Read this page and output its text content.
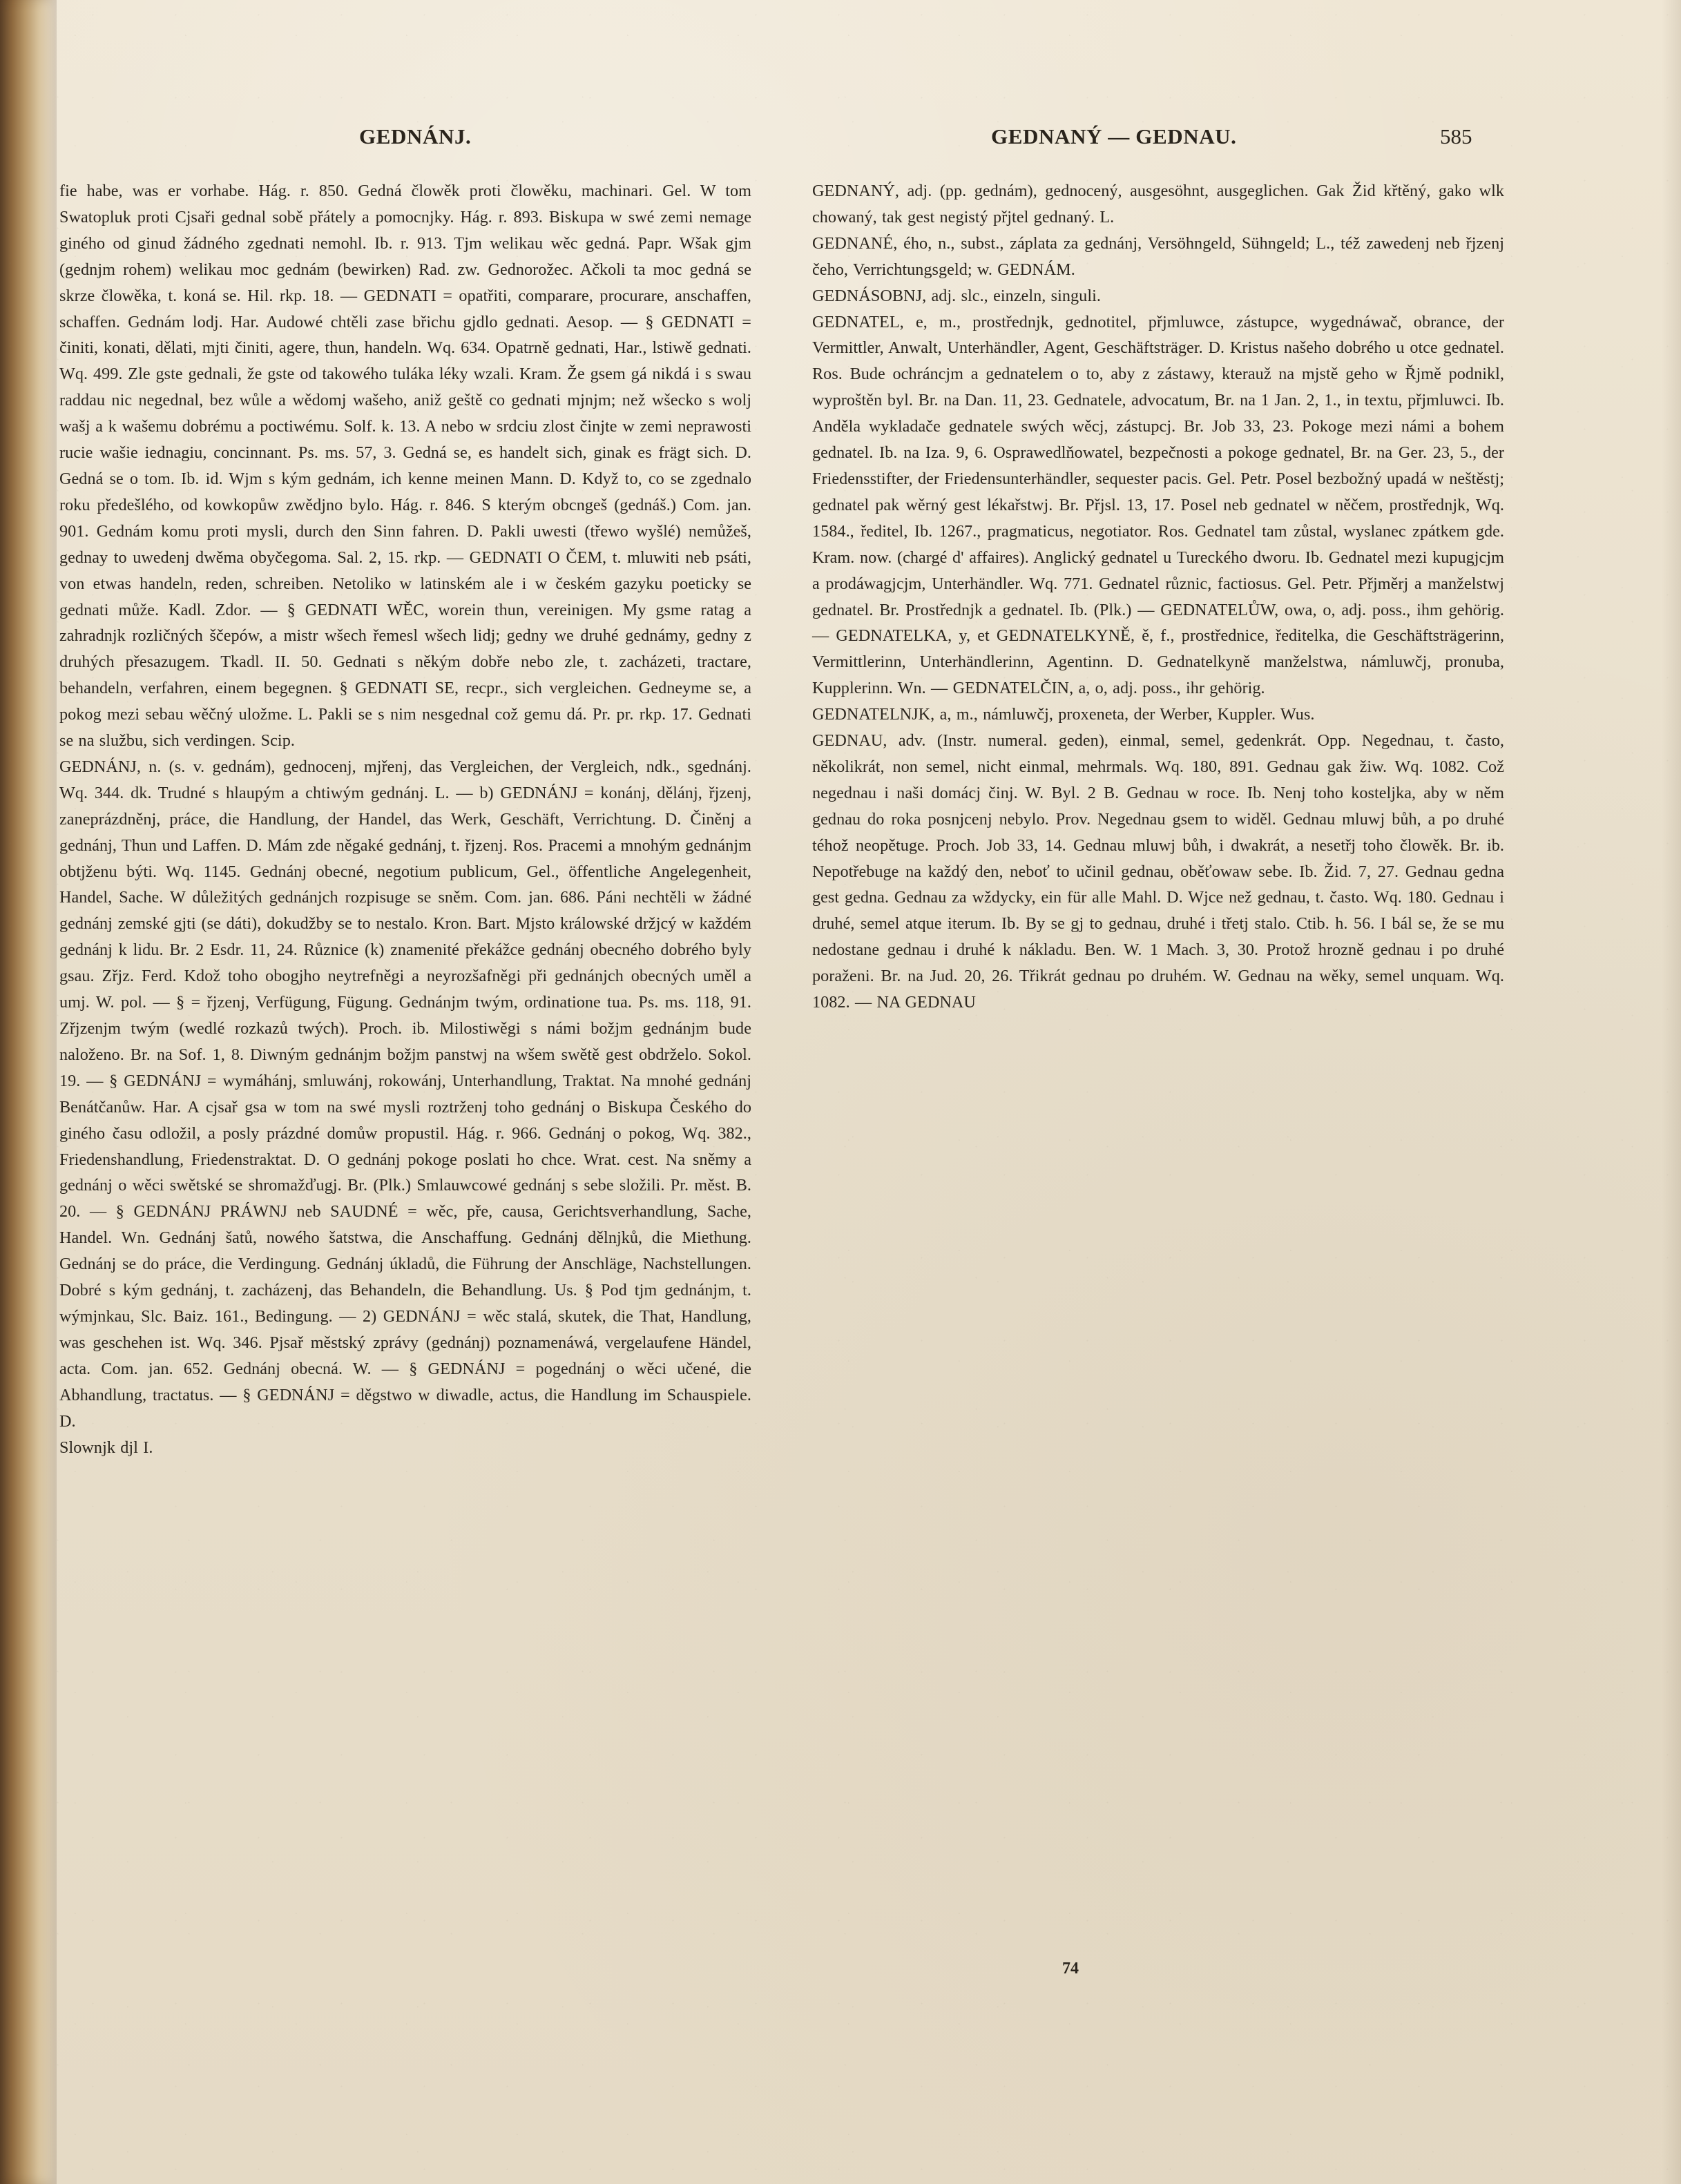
GEDNÁNJ.	GEDNANÝ — GEDNAU.	585

fie habe, was er vorhabe. Hág. r. 850. Gedná člowěk proti člowěku, machinari. Gel. W tom Swatopluk proti Cjsaři gednal sobě přátely a pomocnjky. Hág. r. 893. Biskupa w swé zemi nemage giného od ginud žádného zgednati nemohl. Ib. r. 913. Tjm welikau wěc gedná. Papr. Wšak gjm (gednjm rohem) welikau moc gednám (bewirken) Rad. zw. Gednorožec. Ačkoli ta moc gedná se skrze člowěka, t. koná se. Hil. rkp. 18. — GEDNATI = opatřiti, comparare, procurare, anschaffen, schaffen. Gednám lodj. Har. Audowé chtěli zase břichu gjdlo gednati. Aesop. — § GEDNATI = činiti, konati, dělati, mjti činiti, agere, thun, handeln. Wq. 634. Opatrně gednati, Har., lstiwě gednati. Wq. 499. Zle gste gednali, že gste od takowého tuláka léky wzali. Kram. Že gsem gá nikdá i s swau raddau nic negednal, bez wůle a wědomj wašeho, aniž geště co gednati mjnjm; než wšecko s wolj wašj a k wašemu dobrému a poctiwému. Solf. k. 13. A nebo w srdciu zlost činjte w zemi neprawosti rucie wašie iednagiu, concinnant. Ps. ms. 57, 3. Gedná se, es handelt sich, ginak es frägt sich. D. Gedná se o tom. Ib. id. Wjm s kým gednám, ich kenne meinen Mann. D. Když to, co se zgednalo roku předešlého, od kowkopůw zwědjno bylo. Hág. r. 846. S kterým obcngeš (gednáš.) Com. jan. 901. Gednám komu proti mysli, durch den Sinn fahren. D. Pakli uwesti (třewo wyšlé) nemůžeš, gednay to uwedenj dwěma obyčegoma. Sal. 2, 15. rkp. — GEDNATI O ČEM, t. mluwiti neb psáti, von etwas handeln, reden, schreiben. Netoliko w latinském ale i w českém gazyku poeticky se gednati může. Kadl. Zdor. — § GEDNATI WĚC, worein thun, vereinigen. My gsme ratag a zahradnjk rozličných ščepów, a mistr wšech řemesl wšech lidj; gedny we druhé gednámy, gedny z druhých přesazugem. Tkadl. II. 50. Gednati s někým dobře nebo zle, t. zacházeti, tractare, behandeln, verfahren, einem begegnen. § GEDNATI SE, recpr., sich vergleichen. Gedneyme se, a pokog mezi sebau wěčný uložme. L. Pakli se s nim nesgednal což gemu dá. Pr. pr. rkp. 17. Gednati se na službu, sich verdingen. Scip.

GEDNÁNJ, n. (s. v. gednám), gednocenj, mjřenj, das Vergleichen, der Vergleich, ndk., sgednánj. Wq. 344. dk. Trudné s hlaupým a chtiwým gednánj. L. — b) GEDNÁNJ = konánj, dělánj, řjzenj, zaneprázdněnj, práce, die Handlung, der Handel, das Werk, Geschäft, Verrichtung. D. Činěnj a gednánj, Thun und Laffen. D. Mám zde něgaké gednánj, t. řjzenj. Ros. Pracemi a mnohým gednánjm obtjženu býti. Wq. 1145. Gednánj obecné, negotium publicum, Gel., öffentliche Angelegenheit, Handel, Sache. W důležitých gednánjch rozpisuge se sněm. Com. jan. 686. Páni nechtěli w žádné gednánj zemské gjti (se dáti), dokudžby se to nestalo. Kron. Bart. Mjsto králowské držjcý w každém gednánj k lidu. Br. 2 Esdr. 11, 24. Různice (k) znamenité překážce gednánj obecného dobrého byly gsau. Zřjz. Ferd. Kdož toho obogjho neytrefněgi a neyrozšafněgi při gednánjch obecných uměl a umj. W. pol. — § = řjzenj, Verfügung, Fügung. Gednánjm twým, ordinatione tua. Ps. ms. 118, 91. Zřjzenjm twým (wedlé rozkazů twých). Proch. ib. Milostiwěgi s námi božjm gednánjm bude naloženo. Br. na Sof. 1, 8. Diwným gednánjm božjm panstwj na wšem swětě gest obdrželo. Sokol. 19. — § GEDNÁNJ = wymáhánj, smluwánj, rokowánj, Unterhandlung, Traktat. Na mnohé gednánj Benátčanůw. Har. A cjsař gsa w tom na swé mysli roztrženj toho gednánj o Biskupa Českého do giného času odložil, a posly prázdné domůw propustil. Hág. r. 966. Gednánj o pokog, Wq. 382., Friedenshandlung, Friedenstraktat. D. O gednánj pokoge poslati ho chce. Wrat. cest. Na sněmy a gednánj o wěci swětské se shromažďugj. Br. (Plk.) Smlauwcowé gednánj s sebe složili. Pr. měst. B. 20. — § GEDNÁNJ PRÁWNJ neb SAUDNÉ = wěc, pře, causa, Gerichtsverhandlung, Sache, Handel. Wn. Gednánj šatů, nowého šatstwa, die Anschaffung. Gednánj dělnjků, die Miethung. Gednánj se do práce, die Verdingung. Gednánj úkladů, die Führung der Anschläge, Nachstellungen. Dobré s kým gednánj, t. zacházenj, das Behandeln, die Behandlung. Us. § Pod tjm gednánjm, t. wýmjnkau, Slc. Baiz. 161., Bedingung. — 2) GEDNÁNJ = wěc stalá, skutek, die That, Handlung, was geschehen ist. Wq. 346. Pjsař městský zprávy (gednánj) poznamenáwá, vergelaufene Händel, acta. Com. jan. 652. Gednánj obecná. W. — § GEDNÁNJ = pogednánj o wěci učené, die Abhandlung, tractatus. — § GEDNÁNJ = děgstwo w diwadle, actus, die Handlung im Schauspiele. D.

Slownjk djl I.

GEDNANÝ, adj. (pp. gednám), gednocený, ausgesöhnt, ausgeglichen. Gak Žid křtěný, gako wlk chowaný, tak gest negistý přjtel gednaný. L.

GEDNANÉ, ého, n., subst., záplata za gednánj, Versöhngeld, Sühngeld; L., též zawedenj neb řjzenj čeho, Verrichtungsgeld; w. GEDNÁM.

GEDNÁSOBNJ, adj. slc., einzeln, singuli.

GEDNATEL, e, m., prostřednjk, gednotitel, přjmluwce, zástupce, wygednáwač, obrance, der Vermittler, Anwalt, Unterhändler, Agent, Geschäftsträger. D. Kristus našeho dobrého u otce gednatel. Ros. Bude ochráncjm a gednatelem o to, aby z zástawy, kterauž na mjstě geho w Řjmě podnikl, wyproštěn byl. Br. na Dan. 11, 23. Gednatele, advocatum, Br. na 1 Jan. 2, 1., in textu, přjmluwci. Ib. Anděla wykladače gednatele swých wěcj, zástupcj. Br. Job 33, 23. Pokoge mezi námi a bohem gednatel. Ib. na Iza. 9, 6. Osprawedlňowatel, bezpečnosti a pokoge gednatel, Br. na Ger. 23, 5., der Friedensstifter, der Friedensunterhändler, sequester pacis. Gel. Petr. Posel bezbožný upadá w neštěstj; gednatel pak wěrný gest lékařstwj. Br. Přjsl. 13, 17. Posel neb gednatel w něčem, prostřednjk, Wq. 1584., ředitel, Ib. 1267., pragmaticus, negotiator. Ros. Gednatel tam zůstal, wyslanec zpátkem gde. Kram. now. (chargé d' affaires). Anglický gednatel u Tureckého dworu. Ib. Gednatel mezi kupugjcjm a prodáwagjcjm, Unterhändler. Wq. 771. Gednatel různic, factiosus. Gel. Petr. Přjměrj a manželstwj gednatel. Br. Prostřednjk a gednatel. Ib. (Plk.) — GEDNATELŮW, owa, o, adj. poss., ihm gehörig. — GEDNATELKA, y, et GEDNATELKYNĚ, ě, f., prostřednice, ředitelka, die Geschäftsträgerinn, Vermittlerinn, Unterhändlerinn, Agentinn. D. Gednatelkyně manželstwa, námluwčj, pronuba, Kupplerinn. Wn. — GEDNATELČIN, a, o, adj. poss., ihr gehörig.

GEDNATELNJK, a, m., námluwčj, proxeneta, der Werber, Kuppler. Wus.

GEDNAU, adv. (Instr. numeral. geden), einmal, semel, gedenkrát. Opp. Negednau, t. často, několikrát, non semel, nicht einmal, mehrmals. Wq. 180, 891. Gednau gak žiw. Wq. 1082. Což negednau i naši domácj činj. W. Byl. 2 B. Gednau w roce. Ib. Nenj toho kosteljka, aby w něm gednau do roka posnjcenj nebylo. Prov. Negednau gsem to widěl. Gednau mluwj bůh, a po druhé téhož neopětuge. Proch. Job 33, 14. Gednau mluwj bůh, i dwakrát, a nesetřj toho člowěk. Br. ib. Nepotřebuge na každý den, neboť to učinil gednau, oběťowaw sebe. Ib. Žid. 7, 27. Gednau gedna gest gedna. Gednau za wždycky, ein für alle Mahl. D. Wjce než gednau, t. často. Wq. 180. Gednau i druhé, semel atque iterum. Ib. By se gj to gednau, druhé i třetj stalo. Ctib. h. 56. I bál se, že se mu nedostane gednau i druhé k nákladu. Ben. W. 1 Mach. 3, 30. Protož hrozně gednau i po druhé poraženi. Br. na Jud. 20, 26. Třikrát gednau po druhém. W. Gednau na wěky, semel unquam. Wq. 1082. — NA GEDNAU

74
